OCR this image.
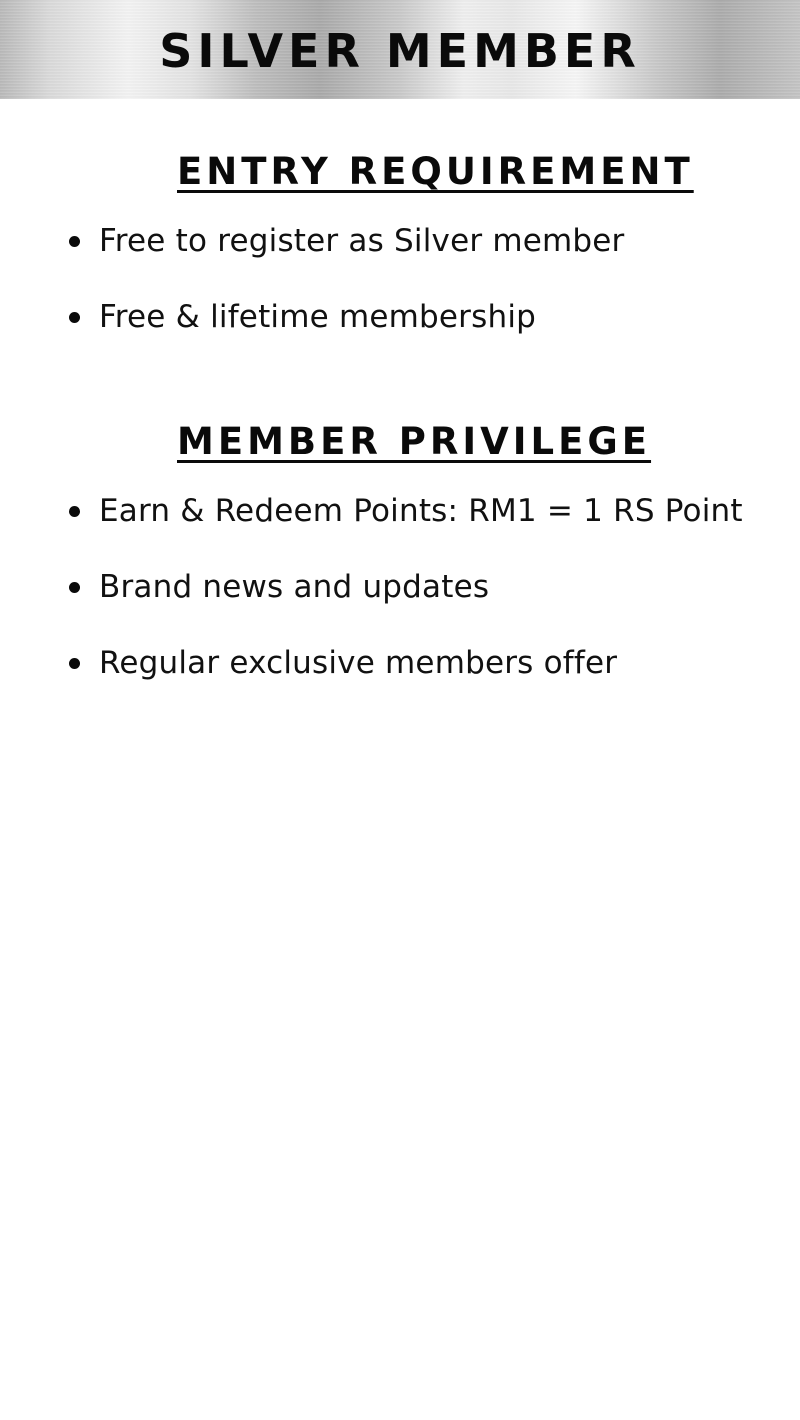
SILVER MEMBER
ENTRY REQUIREMENT
Free to register as Silver member
Free & lifetime membership
MEMBER PRIVILEGE
Earn & Redeem Points: RM1 = 1 RS Point
Brand news and updates
Regular exclusive members offer
